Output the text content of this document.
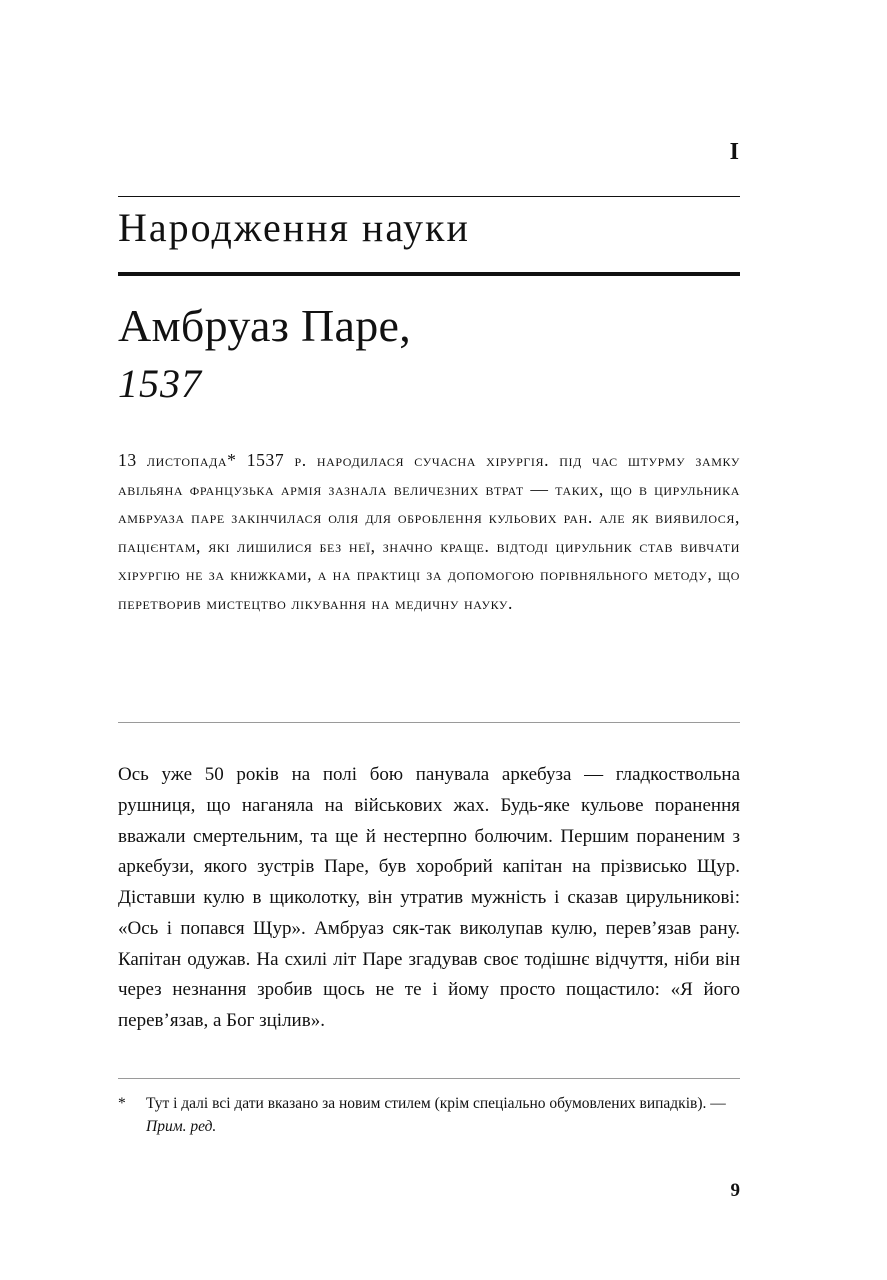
I
Народження науки
Амбруаз Паре,
1537
13 листопада* 1537 р. народилася сучасна хірургія. під час штурму замку авільяна французька армія зазнала величезних втрат — таких, що в цирульника амбруаза паре закінчилася олія для оброблення кульових ран. але як виявилося, пацієнтам, які лишилися без неї, значно краще. відтоді цирульник став вивчати хірургію не за книжками, а на практиці за допомогою порівняльного методу, що перетворив мистецтво лікування на медичну науку.
Ось уже 50 років на полі бою панувала аркебуза — гладкоствольна рушниця, що наганяла на військових жах. Будь-яке кульове поранення вважали смертельним, та ще й нестерпно болючим. Першим пораненим з аркебузи, якого зустрів Паре, був хоробрий капітан на прізвисько Щур. Діставши кулю в щиколотку, він утратив мужність і сказав цирульникові: «Ось і попався Щур». Амбруаз сяк-так виколупав кулю, перев’язав рану. Капітан одужав. На схилі літ Паре згадував своє тодішнє відчуття, ніби він через незнання зробив щось не те і йому просто пощастило: «Я його перев’язав, а Бог зцілив».
* Тут і далі всі дати вказано за новим стилем (крім спеціально обумовлених випадків). — Прим. ред.
9
